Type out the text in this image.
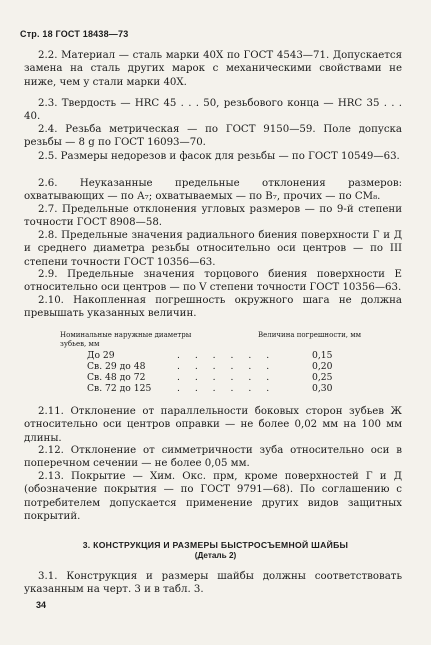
Стр. 18 ГОСТ 18438—73
2.2. Материал — сталь марки 40Х по ГОСТ 4543—71. Допускается замена на сталь других марок с механическими свойствами не ниже, чем у стали марки 40Х.
2.3. Твердость — HRC 45 . . . 50, резьбового конца — HRC 35 . . . 40.
2.4. Резьба метрическая — по ГОСТ 9150—59. Поле допуска резьбы — 8 g по ГОСТ 16093—70.
2.5. Размеры недорезов и фасок для резьбы — по ГОСТ 10549—63.
2.6. Неуказанные предельные отклонения размеров: охватывающих — по А₇; охватываемых — по В₇, прочих — по СМ₈.
2.7. Предельные отклонения угловых размеров — по 9-й степени точности ГОСТ 8908—58.
2.8. Предельные значения радиального биения поверхности Г и Д и среднего диаметра резьбы относительно оси центров — по III степени точности ГОСТ 10356—63.
2.9. Предельные значения торцового биения поверхности Е относительно оси центров — по V степени точности ГОСТ 10356—63.
2.10. Накопленная погрешность окружного шага не должна превышать указанных величин.
Номинальные наружные диаметры зубьев, мм
Величина погрешности, мм
До 29	. . . . . .	0,15
Св. 29 до 48	. . . . . .	0,20
Св. 48 до 72	. . . . . .	0,25
Св. 72 до 125	. . . . . .	0,30
2.11. Отклонение от параллельности боковых сторон зубьев Ж относительно оси центров оправки — не более 0,02 мм на 100 мм длины.
2.12. Отклонение от симметричности зуба относительно оси в поперечном сечении — не более 0,05 мм.
2.13. Покрытие — Хим. Окс. прм, кроме поверхностей Г и Д (обозначение покрытия — по ГОСТ 9791—68). По соглашению с потребителем допускается применение других видов защитных покрытий.
3. КОНСТРУКЦИЯ И РАЗМЕРЫ БЫСТРОСЪЕМНОЙ ШАЙБЫ
(Деталь 2)
3.1. Конструкция и размеры шайбы должны соответствовать указанным на черт. 3 и в табл. 3.
34
